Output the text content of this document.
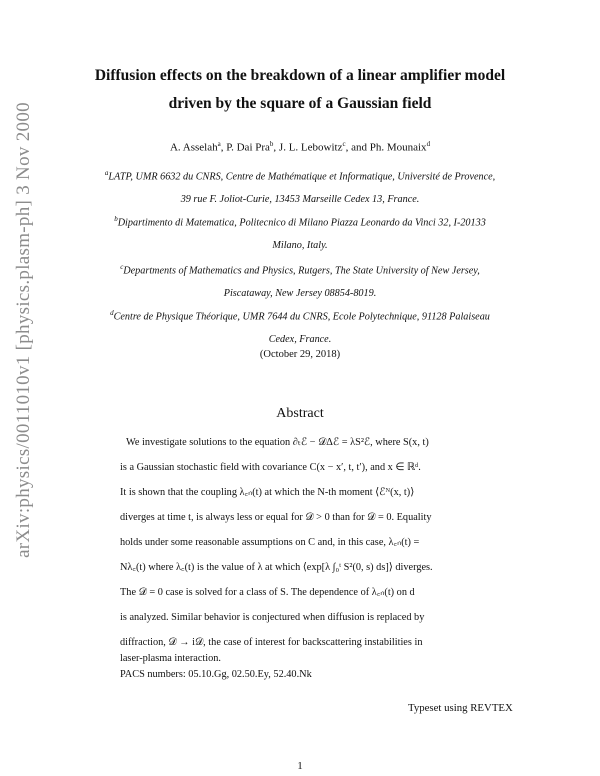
arXiv:physics/0011010v1 [physics.plasm-ph] 3 Nov 2000
Diffusion effects on the breakdown of a linear amplifier model
driven by the square of a Gaussian field
A. Asselah$^a$, P. Dai Pra$^b$, J. L. Lebowitz$^c$, and Ph. Mounaix$^d$
$^a$LATP, UMR 6632 du CNRS, Centre de Mathématique et Informatique, Université de Provence,
39 rue F. Joliot-Curie, 13453 Marseille Cedex 13, France.
$^b$Dipartimento di Matematica, Politecnico di Milano Piazza Leonardo da Vinci 32, I-20133
Milano, Italy.
$^c$Departments of Mathematics and Physics, Rutgers, The State University of New Jersey,
Piscataway, New Jersey 08854-8019.
$^d$Centre de Physique Théorique, UMR 7644 du CNRS, Ecole Polytechnique, 91128 Palaiseau
Cedex, France.
(October 29, 2018)
Abstract
We investigate solutions to the equation ∂ₜℰ − 𝒟Δℰ = λS²ℰ, where S(x, t)
is a Gaussian stochastic field with covariance C(x − x′, t, t′), and x ∈ ℝᵈ.
It is shown that the coupling λ꜀ₙ(t) at which the N-th moment ⟨ℰᴺ(x, t)⟩
diverges at time t, is always less or equal for 𝒟 > 0 than for 𝒟 = 0. Equality
holds under some reasonable assumptions on C and, in this case, λ꜀ₙ(t) =
Nλ꜀(t) where λ꜀(t) is the value of λ at which ⟨exp[λ ∫₀ᵗ S²(0, s) ds]⟩ diverges.
The 𝒟 = 0 case is solved for a class of S. The dependence of λ꜀ₙ(t) on d
is analyzed. Similar behavior is conjectured when diffusion is replaced by
diffraction, 𝒟 → i𝒟, the case of interest for backscattering instabilities in
laser-plasma interaction.
PACS numbers: 05.10.Gg, 02.50.Ey, 52.40.Nk
Typeset using REVTEX
1
